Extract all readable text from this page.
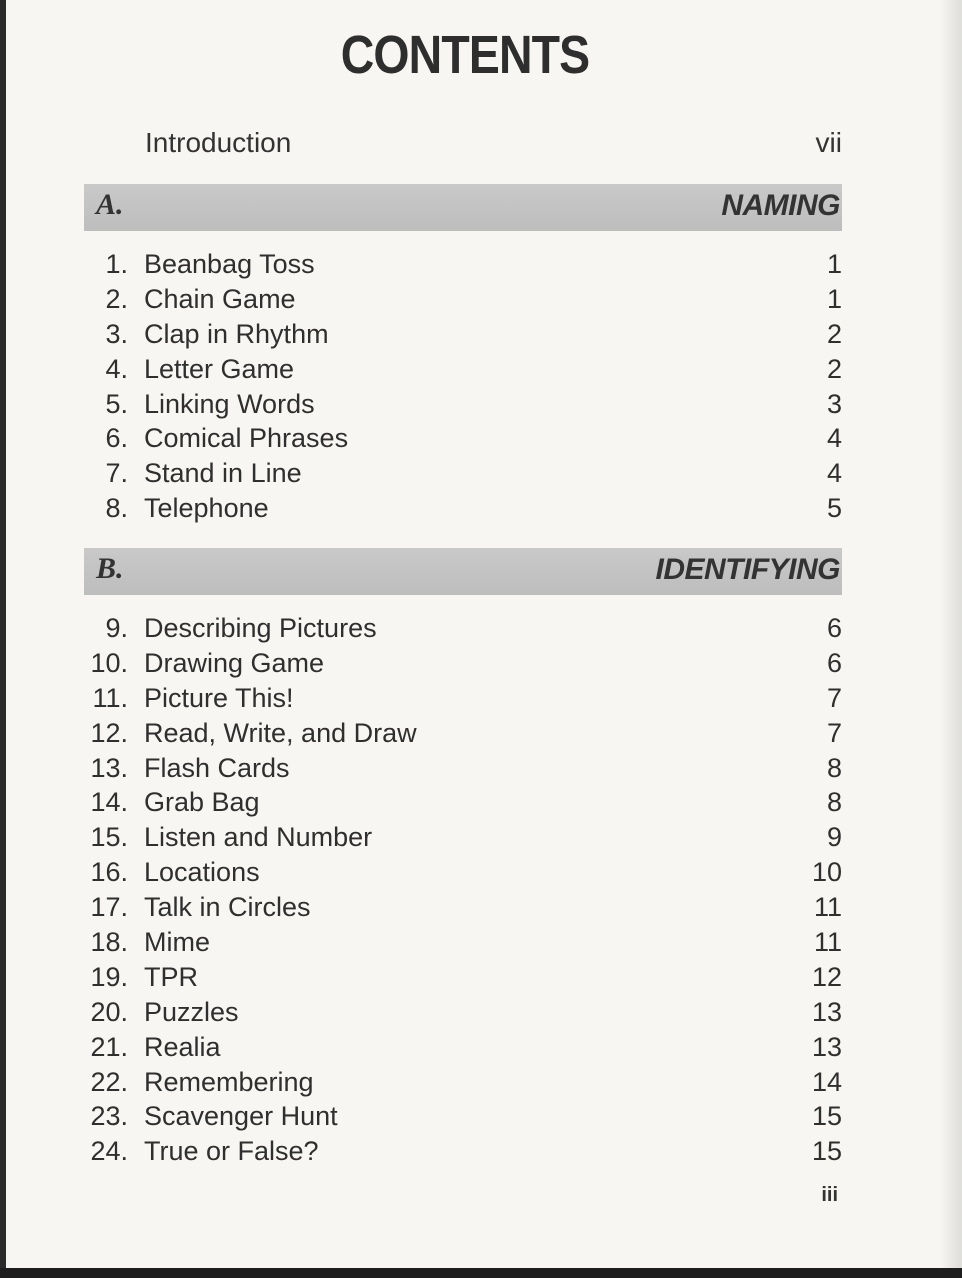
CONTENTS
Introduction	vii
A.	NAMING
1. Beanbag Toss	1
2. Chain Game	1
3. Clap in Rhythm	2
4. Letter Game	2
5. Linking Words	3
6. Comical Phrases	4
7. Stand in Line	4
8. Telephone	5
B.	IDENTIFYING
9. Describing Pictures	6
10. Drawing Game	6
11. Picture This!	7
12. Read, Write, and Draw	7
13. Flash Cards	8
14. Grab Bag	8
15. Listen and Number	9
16. Locations	10
17. Talk in Circles	11
18. Mime	11
19. TPR	12
20. Puzzles	13
21. Realia	13
22. Remembering	14
23. Scavenger Hunt	15
24. True or False?	15
iii
